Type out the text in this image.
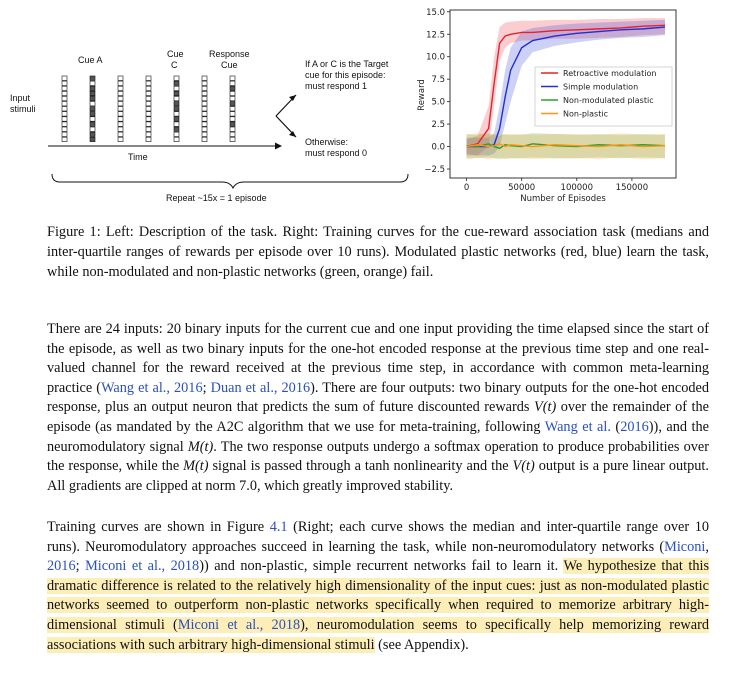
Input
stimuli
Cue A
Cue
C
Response
Cue
Time
If A or C is the Target
cue for this episode:
must respond 1
Otherwise:
must respond 0
Repeat ~15x = 1 episode
Reward
Number of Episodes
0	50000	100000	150000
−2.5
0.0
2.5
5.0
7.5
10.0
12.5
15.0
Retroactive modulation
Simple modulation
Non-modulated plastic
Non-plastic
Figure 1: Left: Description of the task. Right: Training curves for the cue-reward association task (medians and inter-quartile ranges of rewards per episode over 10 runs). Modulated plastic networks (red, blue) learn the task, while non-modulated and non-plastic networks (green, orange) fail.
There are 24 inputs: 20 binary inputs for the current cue and one input providing the time elapsed since the start of the episode, as well as two binary inputs for the one-hot encoded response at the previous time step and one real-valued channel for the reward received at the previous time step, in accordance with common meta-learning practice (Wang et al., 2016; Duan et al., 2016). There are four outputs: two binary outputs for the one-hot encoded response, plus an output neuron that predicts the sum of future discounted rewards V(t) over the remainder of the episode (as mandated by the A2C algorithm that we use for meta-training, following Wang et al. (2016)), and the neuromodulatory signal M(t). The two response outputs undergo a softmax operation to produce probabilities over the response, while the M(t) signal is passed through a tanh nonlinearity and the V(t) output is a pure linear output. All gradients are clipped at norm 7.0, which greatly improved stability.
Training curves are shown in Figure 4.1 (Right; each curve shows the median and inter-quartile range over 10 runs). Neuromodulatory approaches succeed in learning the task, while non-neuromodulatory networks (Miconi, 2016; Miconi et al., 2018)) and non-plastic, simple recurrent networks fail to learn it. We hypothesize that this dramatic difference is related to the relatively high dimensionality of the input cues: just as non-modulated plastic networks seemed to outperform non-plastic networks specifically when required to memorize arbitrary high-dimensional stimuli (Miconi et al., 2018), neuromodulation seems to specifically help memorizing reward associations with such arbitrary high-dimensional stimuli (see Appendix).
